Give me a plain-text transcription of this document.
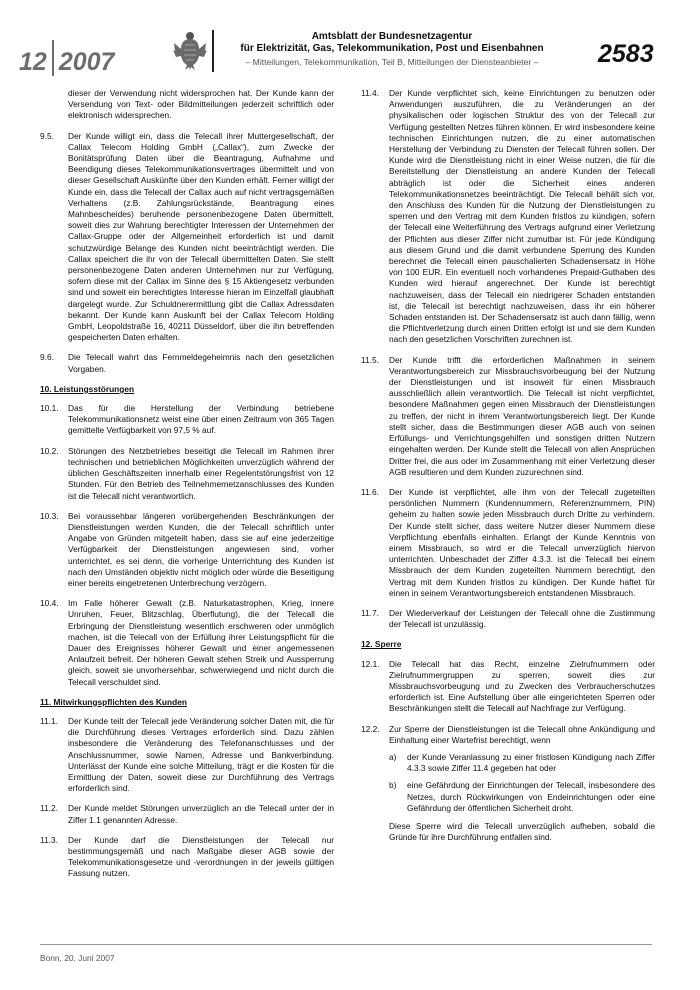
12 2007
Amtsblatt der Bundesnetzagentur
für Elektrizität, Gas, Telekommunikation, Post und Eisenbahnen
– Mitteilungen, Telekommunikation, Teil B, Mitteilungen der Diensteanbieter –	2583
dieser der Verwendung nicht widersprochen hat. Der Kunde kann der Versendung von Text- oder Bildmitteilungen jederzeit schriftlich oder elektronisch widersprechen.
9.5.	Der Kunde willigt ein, dass die Telecall ihrer Muttergesellschaft, der Callax Telecom Holding GmbH („Callax“), zum Zwecke der Bonitätsprüfung Daten über die Beantragung, Aufnahme und Beendigung dieses Telekommunikationsvertrages übermittelt und von dieser Gesellschaft Auskünfte über den Kunden erhält. Ferner willigt der Kunde ein, dass die Telecall der Callax auch auf nicht vertragsgemäßen Verhaltens (z.B. Zahlungsrückstände, Beantragung eines Mahnbescheides) beruhende personenbezogene Daten übermittelt, soweit dies zur Wahrung berechtigter Interessen der Unternehmen der Callax-Gruppe oder der Allgemeinheit erforderlich ist und damit schutzwürdige Belange des Kunden nicht beeinträchtigt werden. Die Callax speichert die ihr von der Telecall übermittelten Daten. Sie stellt personenbezogene Daten anderen Unternehmen nur zur Verfügung, sofern diese mit der Callax im Sinne des § 15 Aktiengesetz verbunden sind und soweit ein berechtigtes Interesse hieran im Einzelfall glaubhaft dargelegt wurde. Zur Schuldnerermittlung gibt die Callax Adressdaten bekannt. Der Kunde kann Auskunft bei der Callax Telecom Holding GmbH, Leopoldstraße 16, 40211 Düsseldorf, über die ihn betreffenden gespeicherten Daten erhalten.
9.6.	Die Telecall wahrt das Fernmeldegeheimnis nach den gesetzlichen Vorgaben.
10. Leistungsstörungen
10.1.	Das für die Herstellung der Verbindung betriebene Telekommunikationsnetz weist eine über einen Zeitraum von 365 Tagen gemittelte Verfügbarkeit von 97,5 % auf.
10.2.	Störungen des Netzbetriebes beseitigt die Telecall im Rahmen ihrer technischen und betrieblichen Möglichkeiten unverzüglich während der üblichen Geschäftszeiten innerhalb einer Regelentstörungsfrist von 12 Stunden. Für den Betrieb des Teilnehmernetzanschlusses des Kunden ist die Telecall nicht verantwortlich.
10.3.	Bei voraussehbar längeren vorübergehenden Beschränkungen der Dienstleistungen werden Kunden, die der Telecall schriftlich unter Angabe von Gründen mitgeteilt haben, dass sie auf eine jederzeitige Verfügbarkeit der Dienstleistungen angewiesen sind, vorher unterrichtet, es sei denn, die vorherige Unterrichtung des Kunden ist nach den Umständen objektiv nicht möglich oder würde die Beseitigung einer bereits eingetretenen Unterbrechung verzögern.
10.4.	Im Falle höherer Gewalt (z.B. Naturkatastrophen, Krieg, innere Unruhen, Feuer, Blitzschlag, Überflutung), die der Telecall die Erbringung der Dienstleistung wesentlich erschweren oder unmöglich machen, ist die Telecall von der Erfüllung ihrer Leistungspflicht für die Dauer des Ereignisses höherer Gewalt und einer angemessenen Anlaufzeit befreit. Der höheren Gewalt stehen Streik und Aussperrung gleich, soweit sie unvorhersehbar, schwerwiegend und nicht durch die Telecall verschuldet sind.
11. Mitwirkungspflichten des Kunden
11.1.	Der Kunde teilt der Telecall jede Veränderung solcher Daten mit, die für die Durchführung dieses Vertrages erforderlich sind. Dazu zählen insbesondere die Veränderung des Telefonanschlusses und der Anschlussnummer, sowie Namen, Adresse und Bankverbindung. Unterlässt der Kunde eine solche Mitteilung, trägt er die Kosten für die Ermittlung der Daten, soweit diese zur Durchführung des Vertrags erforderlich sind.
11.2.	Der Kunde meldet Störungen unverzüglich an die Telecall unter der in Ziffer 1.1 genannten Adresse.
11.3.	Der Kunde darf die Dienstleistungen der Telecall nur bestimmungsgemäß und nach Maßgabe dieser AGB sowie der Telekommunikationsgesetze und -verordnungen in der jeweils gültigen Fassung nutzen.
11.4.	Der Kunde verpflichtet sich, keine Einrichtungen zu benutzen oder Anwendungen auszuführen, die zu Veränderungen an der physikalischen oder logischen Struktur des von der Telecall zur Verfügung gestellten Netzes führen können. Er wird insbesondere keine technischen Einrichtungen nutzen, die zu einer automatischen Herstellung der Verbindung zu Diensten der Telecall führen sollen. Der Kunde wird die Dienstleistung nicht in einer Weise nutzen, die für die Bereitstellung der Dienstleistung an andere Kunden der Telecall abträglich ist oder die Sicherheit eines anderen Telekommunikationsnetzes beeinträchtigt. Die Telecall behält sich vor, den Anschluss des Kunden für die Nutzung der Dienstleistungen zu sperren und den Vertrag mit dem Kunden fristlos zu kündigen, sofern der Telecall eine Weiterführung des Vertrags aufgrund einer Verletzung der Pflichten aus dieser Ziffer nicht zumutbar ist. Für jede Kündigung aus diesem Grund und die damit verbundene Sperrung des Kunden berechnet die Telecall einen pauschalierten Schadensersatz in Höhe von 100 EUR. Ein eventuell noch vorhandenes Prepaid-Guthaben des Kunden wird hierauf angerechnet. Der Kunde ist berechtigt nachzuweisen, dass der Telecall ein niedrigerer Schaden entstanden ist, die Telecall ist berechtigt nachzuweisen, dass ihr ein höherer Schaden entstanden ist. Der Schadensersatz ist auch dann fällig, wenn die Pflichtverletzung durch einen Dritten erfolgt ist und sie dem Kunden nach den gesetzlichen Vorschriften zurechnen ist.
11.5.	Der Kunde trifft die erforderlichen Maßnahmen in seinem Verantwortungsbereich zur Missbrauchsvorbeugung bei der Nutzung der Dienstleistungen und ist insoweit für einen Missbrauch ausschließlich allein verantwortlich. Die Telecall ist nicht verpflichtet, besondere Maßnahmen gegen einen Missbrauch der Dienstleistungen zu treffen, der nicht in ihrem Verantwortungsbereich liegt. Der Kunde stellt sicher, dass die Bestimmungen dieser AGB auch von seinen Erfüllungs- und Verrichtungsgehilfen und sonstigen dritten Nutzern eingehalten werden. Der Kunde stellt die Telecall von allen Ansprüchen Dritter frei, die aus oder im Zusammenhang mit einer Verletzung dieser AGB resultieren und dem Kunden zuzurechnen sind.
11.6.	Der Kunde ist verpflichtet, alle ihm von der Telecall zugeteilten persönlichen Nummern (Kundennummern, Referenznummern, PIN) geheim zu halten sowie jeden Missbrauch durch Dritte zu verhindern. Der Kunde stellt sicher, dass weitere Nutzer dieser Nummern diese Verpflichtung ebenfalls einhalten. Erlangt der Kunde Kenntnis von einem Missbrauch, so wird er die Telecall unverzüglich hiervon unterrichten. Unbeschadet der Ziffer 4.3.3. ist die Telecall bei einem Missbrauch der dem Kunden zugeteilten Nummern berechtigt, den Vertrag mit dem Kunden fristlos zu kündigen. Der Kunde haftet für einen in seinem Verantwortungsbereich entstandenen Missbrauch.
11.7.	Der Wiederverkauf der Leistungen der Telecall ohne die Zustimmung der Telecall ist unzulässig.
12. Sperre
12.1.	Die Telecall hat das Recht, einzelne Zielrufnummern oder Zielrufnummergruppen zu sperren, soweit dies zur Missbrauchsvorbeugung und zu Zwecken des Verbraucherschutzes erforderlich ist. Eine Aufstellung über alle eingerichteten Sperren oder Beschränkungen stellt die Telecall auf Nachfrage zur Verfügung.
12.2.	Zur Sperre der Dienstleistungen ist die Telecall ohne Ankündigung und Einhaltung einer Wartefrist berechtigt, wenn
a)	der Kunde Veranlassung zu einer fristlosen Kündigung nach Ziffer 4.3.3 sowie Ziffer 11.4 gegeben hat oder
b)	eine Gefährdung der Einrichtungen der Telecall, insbesondere des Netzes, durch Rückwirkungen von Endeinrichtungen oder eine Gefährdung der öffentlichen Sicherheit droht.
Diese Sperre wird die Telecall unverzüglich aufheben, sobald die Gründe für ihre Durchführung entfallen sind.
Bonn, 20. Juni 2007
